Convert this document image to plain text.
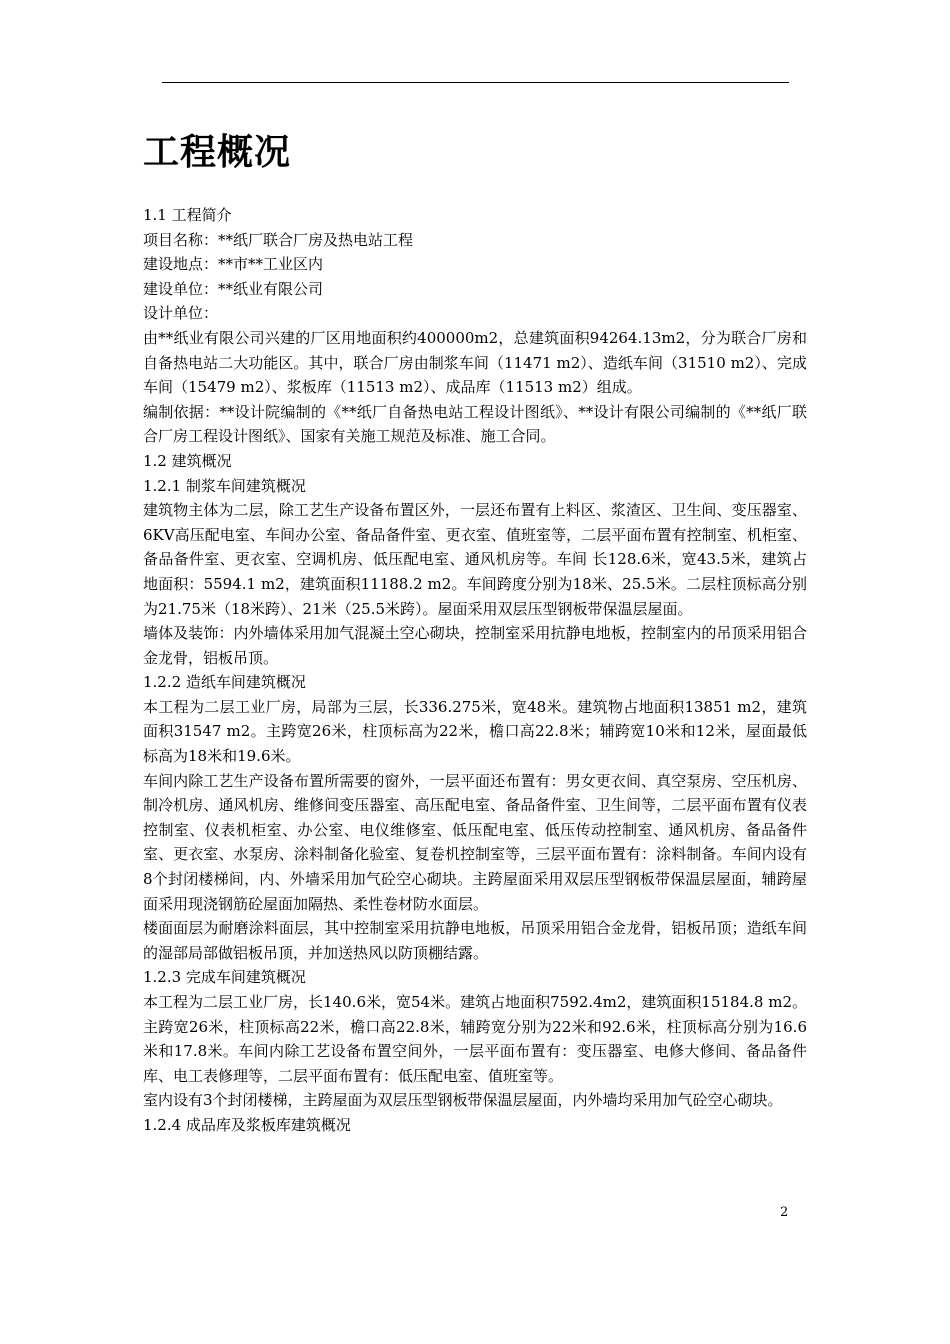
工程概况

1.1 工程简介

项目名称：**纸厂联合厂房及热电站工程

建设地点：**市**工业区内

建设单位：**纸业有限公司

设计单位：

由**纸业有限公司兴建的厂区用地面积约400000m2，总建筑面积94264.13m2，分为联合厂房和自备热电站二大功能区。其中，联合厂房由制浆车间（11471 m2）、造纸车间（31510 m2）、完成车间（15479 m2）、浆板库（11513 m2）、成品库（11513 m2）组成。

编制依据：**设计院编制的《**纸厂自备热电站工程设计图纸》、**设计有限公司编制的《**纸厂联合厂房工程设计图纸》、国家有关施工规范及标准、施工合同。

1.2 建筑概况

1.2.1 制浆车间建筑概况

建筑物主体为二层，除工艺生产设备布置区外，一层还布置有上料区、浆渣区、卫生间、变压器室、6KV高压配电室、车间办公室、备品备件室、更衣室、值班室等，二层平面布置有控制室、机柜室、备品备件室、更衣室、空调机房、低压配电室、通风机房等。车间 长128.6米，宽43.5米，建筑占地面积：5594.1 m2，建筑面积11188.2 m2。车间跨度分别为18米、25.5米。二层柱顶标高分别为21.75米（18米跨）、21米（25.5米跨）。屋面采用双层压型钢板带保温层屋面。

墙体及装饰：内外墙体采用加气混凝土空心砌块，控制室采用抗静电地板，控制室内的吊顶采用铝合金龙骨，铝板吊顶。

1.2.2 造纸车间建筑概况

本工程为二层工业厂房，局部为三层，长336.275米，宽48米。建筑物占地面积13851 m2，建筑面积31547 m2。主跨宽26米，柱顶标高为22米，檐口高22.8米；辅跨宽10米和12米，屋面最低标高为18米和19.6米。

车间内除工艺生产设备布置所需要的窗外，一层平面还布置有：男女更衣间、真空泵房、空压机房、制冷机房、通风机房、维修间变压器室、高压配电室、备品备件室、卫生间等，二层平面布置有仪表控制室、仪表机柜室、办公室、电仪维修室、低压配电室、低压传动控制室、通风机房、备品备件室、更衣室、水泵房、涂料制备化验室、复卷机控制室等，三层平面布置有：涂料制备。车间内设有8个封闭楼梯间，内、外墙采用加气砼空心砌块。主跨屋面采用双层压型钢板带保温层屋面，辅跨屋面采用现浇钢筋砼屋面加隔热、柔性卷材防水面层。

楼面面层为耐磨涂料面层，其中控制室采用抗静电地板，吊顶采用铝合金龙骨，铝板吊顶；造纸车间的湿部局部做铝板吊顶，并加送热风以防顶棚结露。

1.2.3 完成车间建筑概况

本工程为二层工业厂房，长140.6米，宽54米。建筑占地面积7592.4m2，建筑面积15184.8 m2。主跨宽26米，柱顶标高22米，檐口高22.8米，辅跨宽分别为22米和92.6米，柱顶标高分别为16.6米和17.8米。车间内除工艺设备布置空间外，一层平面布置有：变压器室、电修大修间、备品备件库、电工表修理等，二层平面布置有：低压配电室、值班室等。

室内设有3个封闭楼梯，主跨屋面为双层压型钢板带保温层屋面，内外墙均采用加气砼空心砌块。

1.2.4 成品库及浆板库建筑概况

2
